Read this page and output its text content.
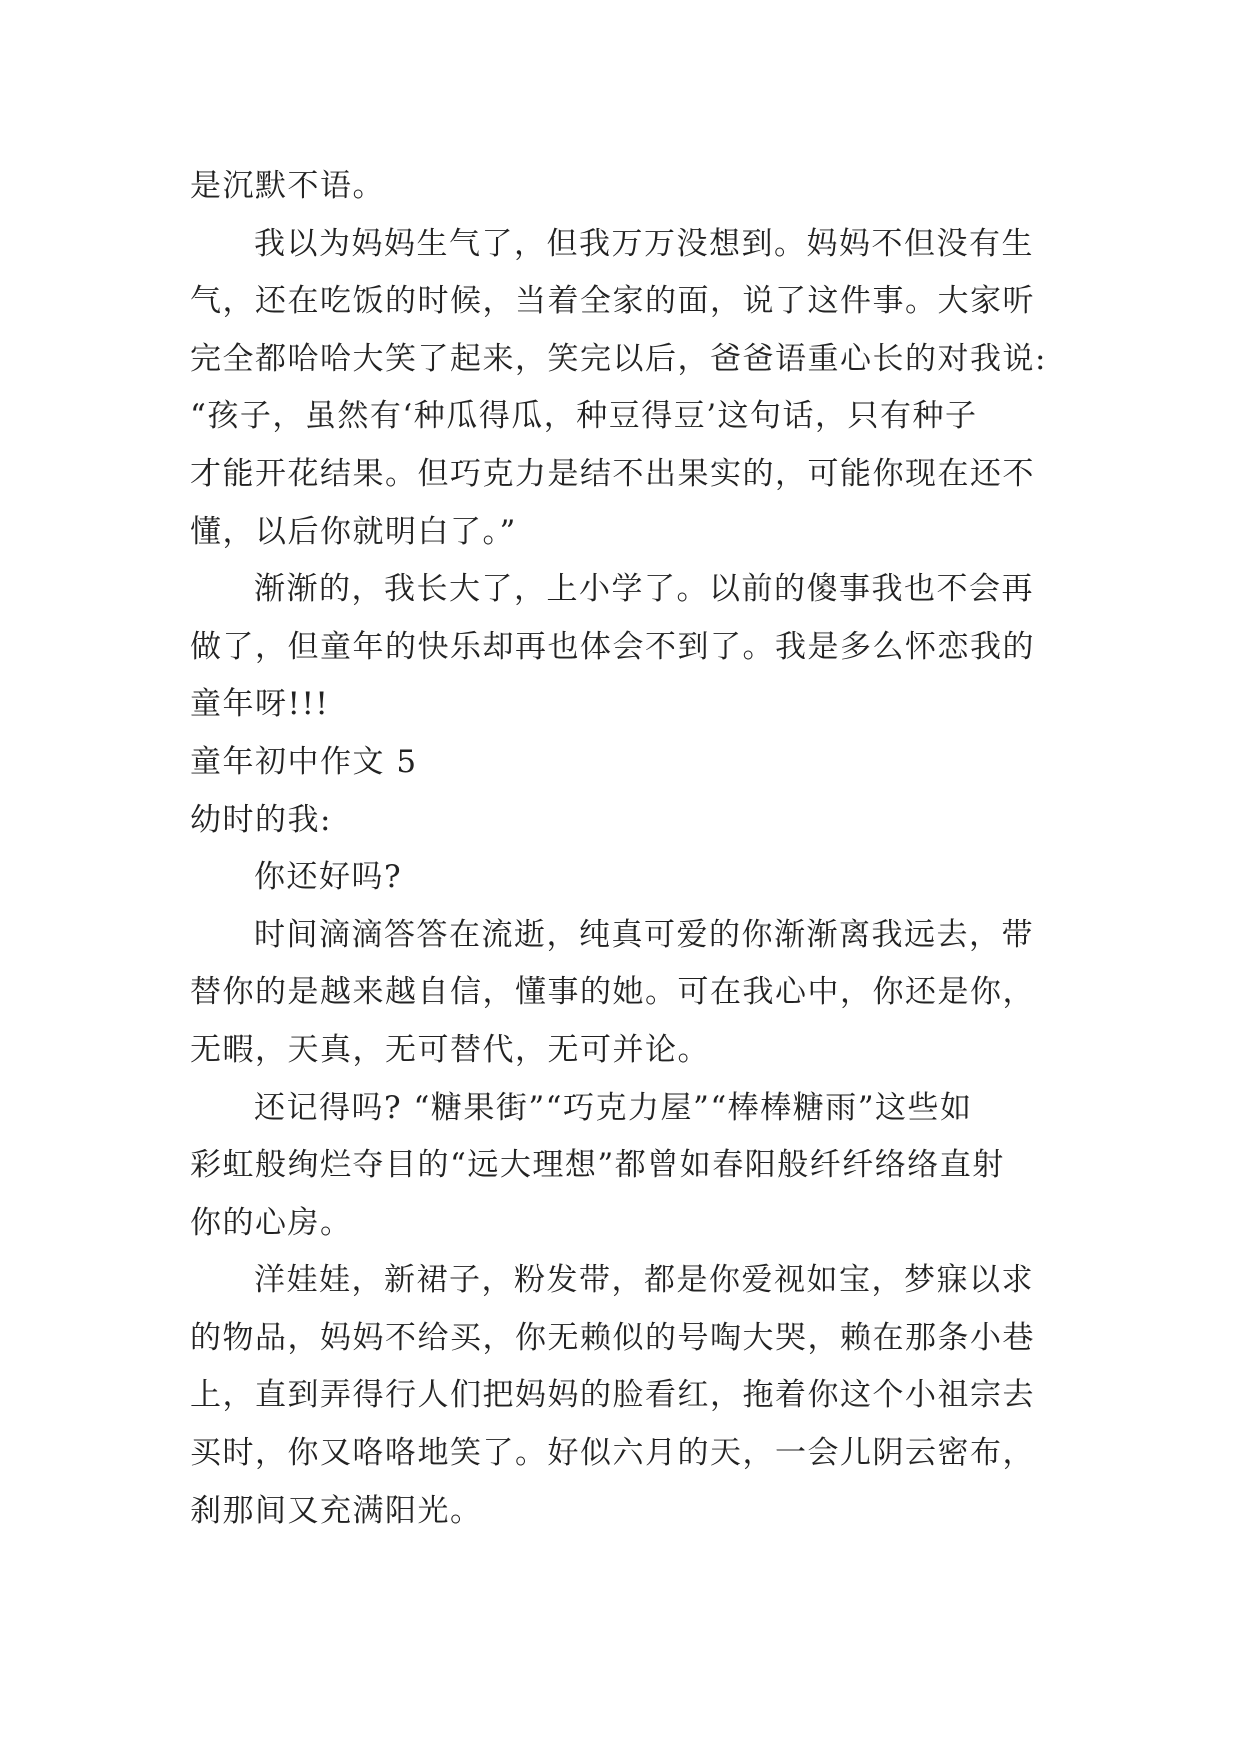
是沉默不语。
我以为妈妈生气了，但我万万没想到。妈妈不但没有生
气，还在吃饭的时候，当着全家的面，说了这件事。大家听
完全都哈哈大笑了起来，笑完以后，爸爸语重心长的对我说:
“孩子，虽然有‘种瓜得瓜，种豆得豆’这句话，只有种子
才能开花结果。但巧克力是结不出果实的，可能你现在还不
懂，以后你就明白了。”
渐渐的，我长大了，上小学了。以前的傻事我也不会再
做了，但童年的快乐却再也体会不到了。我是多么怀恋我的
童年呀!!!
童年初中作文 5
幼时的我:
你还好吗?
时间滴滴答答在流逝，纯真可爱的你渐渐离我远去，带
替你的是越来越自信，懂事的她。可在我心中，你还是你，
无暇，天真，无可替代，无可并论。
还记得吗? “糖果街”“巧克力屋”“棒棒糖雨”这些如
彩虹般绚烂夺目的“远大理想”都曾如春阳般纤纤络络直射
你的心房。
洋娃娃，新裙子，粉发带，都是你爱视如宝，梦寐以求
的物品，妈妈不给买，你无赖似的号啕大哭，赖在那条小巷
上，直到弄得行人们把妈妈的脸看红，拖着你这个小祖宗去
买时，你又咯咯地笑了。好似六月的天，一会儿阴云密布，
刹那间又充满阳光。
